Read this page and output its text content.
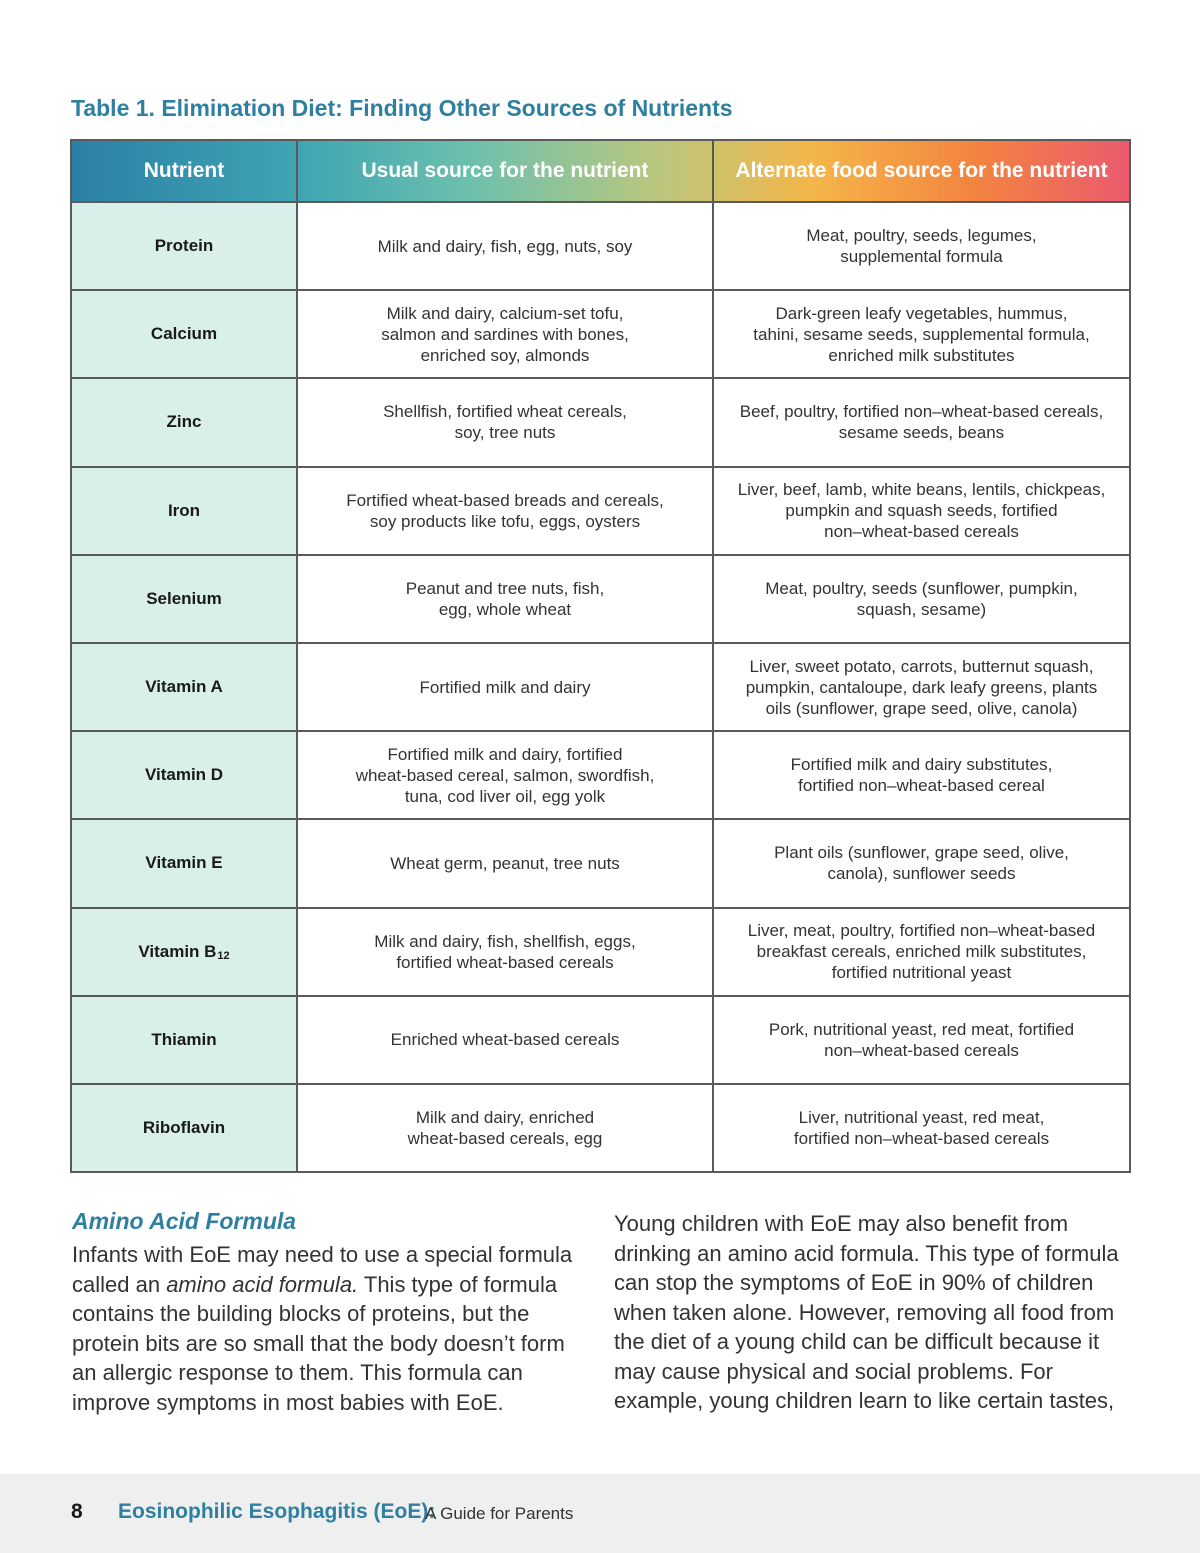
Table 1. Elimination Diet: Finding Other Sources of Nutrients
Nutrient	Usual source for the nutrient	Alternate food source for the nutrient
Protein	Milk and dairy, fish, egg, nuts, soy	Meat, poultry, seeds, legumes,
supplemental formula
Calcium	Milk and dairy, calcium-set tofu,
salmon and sardines with bones,
enriched soy, almonds	Dark-green leafy vegetables, hummus,
tahini, sesame seeds, supplemental formula,
enriched milk substitutes
Zinc	Shellfish, fortified wheat cereals,
soy, tree nuts	Beef, poultry, fortified non–wheat-based cereals,
sesame seeds, beans
Iron	Fortified wheat-based breads and cereals,
soy products like tofu, eggs, oysters	Liver, beef, lamb, white beans, lentils, chickpeas,
pumpkin and squash seeds, fortified
non–wheat-based cereals
Selenium	Peanut and tree nuts, fish,
egg, whole wheat	Meat, poultry, seeds (sunflower, pumpkin,
squash, sesame)
Vitamin A	Fortified milk and dairy	Liver, sweet potato, carrots, butternut squash,
pumpkin, cantaloupe, dark leafy greens, plants
oils (sunflower, grape seed, olive, canola)
Vitamin D	Fortified milk and dairy, fortified
wheat-based cereal, salmon, swordfish,
tuna, cod liver oil, egg yolk	Fortified milk and dairy substitutes,
fortified non–wheat-based cereal
Vitamin E	Wheat germ, peanut, tree nuts	Plant oils (sunflower, grape seed, olive,
canola), sunflower seeds
Vitamin B12	Milk and dairy, fish, shellfish, eggs,
fortified wheat-based cereals	Liver, meat, poultry, fortified non–wheat-based
breakfast cereals, enriched milk substitutes,
fortified nutritional yeast
Thiamin	Enriched wheat-based cereals	Pork, nutritional yeast, red meat, fortified
non–wheat-based cereals
Riboflavin	Milk and dairy, enriched
wheat-based cereals, egg	Liver, nutritional yeast, red meat,
fortified non–wheat-based cereals
Amino Acid Formula

Infants with EoE may need to use a special formula called an amino acid formula. This type of formula contains the building blocks of proteins, but the protein bits are so small that the body doesn’t form an allergic response to them. This formula can improve symptoms in most babies with EoE.

Young children with EoE may also benefit from drinking an amino acid formula. This type of formula can stop the symptoms of EoE in 90% of children when taken alone. However, removing all food from the diet of a young child can be difficult because it may cause physical and social problems. For example, young children learn to like certain tastes,

8 Eosinophilic Esophagitis (EoE):
A Guide for Parents
